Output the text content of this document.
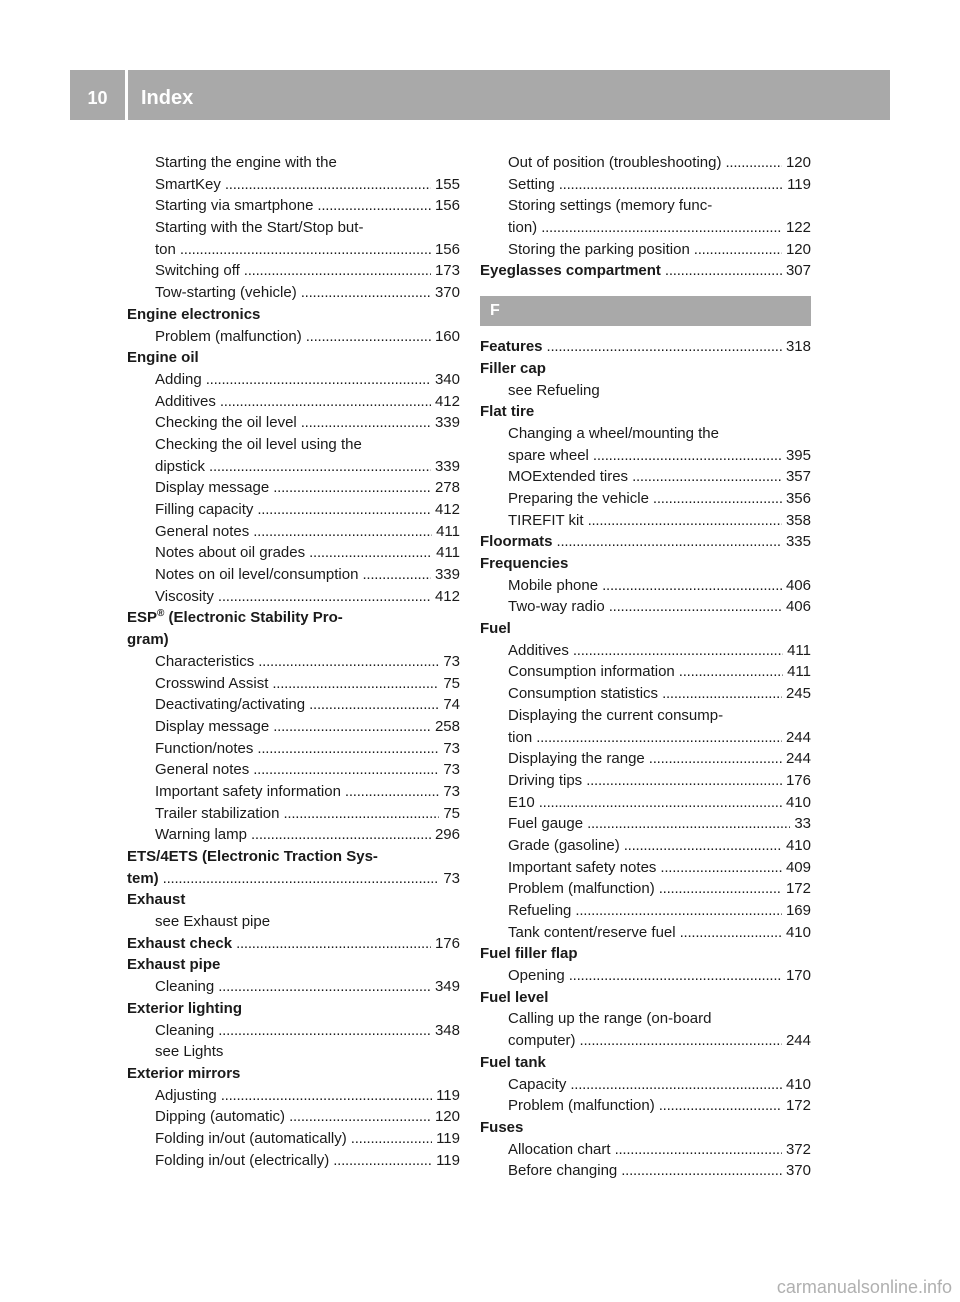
10	Index
Starting the engine with the
SmartKey . . .	155
Starting via smartphone . . .	156
Starting with the Start/Stop but-
ton . . .	156
Switching off . . .	173
Tow-starting (vehicle) . . .	370
Engine electronics
Problem (malfunction) . . .	160
Engine oil
Adding . . .	340
Additives . . .	412
Checking the oil level . . .	339
Checking the oil level using the
dipstick . . .	339
Display message . . .	278
Filling capacity . . .	412
General notes . . .	411
Notes about oil grades . . .	411
Notes on oil level/consumption . . .	339
Viscosity . . .	412
ESP® (Electronic Stability Pro-
gram)
Characteristics . . .	73
Crosswind Assist . . .	75
Deactivating/activating . . .	74
Display message . . .	258
Function/notes . . .	73
General notes . . .	73
Important safety information . . .	73
Trailer stabilization . . .	75
Warning lamp . . .	296
ETS/4ETS (Electronic Traction Sys-
tem) . . .	73
Exhaust
see Exhaust pipe
Exhaust check . . .	176
Exhaust pipe
Cleaning . . .	349
Exterior lighting
Cleaning . . .	348
see Lights
Exterior mirrors
Adjusting . . .	119
Dipping (automatic) . . .	120
Folding in/out (automatically) . . .	119
Folding in/out (electrically) . . .	119
Out of position (troubleshooting) . . .	120
Setting . . .	119
Storing settings (memory func-
tion) . . .	122
Storing the parking position . . .	120
Eyeglasses compartment . . .	307
F
Features . . .	318
Filler cap
see Refueling
Flat tire
Changing a wheel/mounting the
spare wheel . . .	395
MOExtended tires . . .	357
Preparing the vehicle . . .	356
TIREFIT kit . . .	358
Floormats . . .	335
Frequencies
Mobile phone . . .	406
Two-way radio . . .	406
Fuel
Additives . . .	411
Consumption information . . .	411
Consumption statistics . . .	245
Displaying the current consump-
tion . . .	244
Displaying the range . . .	244
Driving tips . . .	176
E10 . . .	410
Fuel gauge . . .	33
Grade (gasoline) . . .	410
Important safety notes . . .	409
Problem (malfunction) . . .	172
Refueling . . .	169
Tank content/reserve fuel . . .	410
Fuel filler flap
Opening . . .	170
Fuel level
Calling up the range (on-board
computer) . . .	244
Fuel tank
Capacity . . .	410
Problem (malfunction) . . .	172
Fuses
Allocation chart . . .	372
Before changing . . .	370
carmanualsonline.info
